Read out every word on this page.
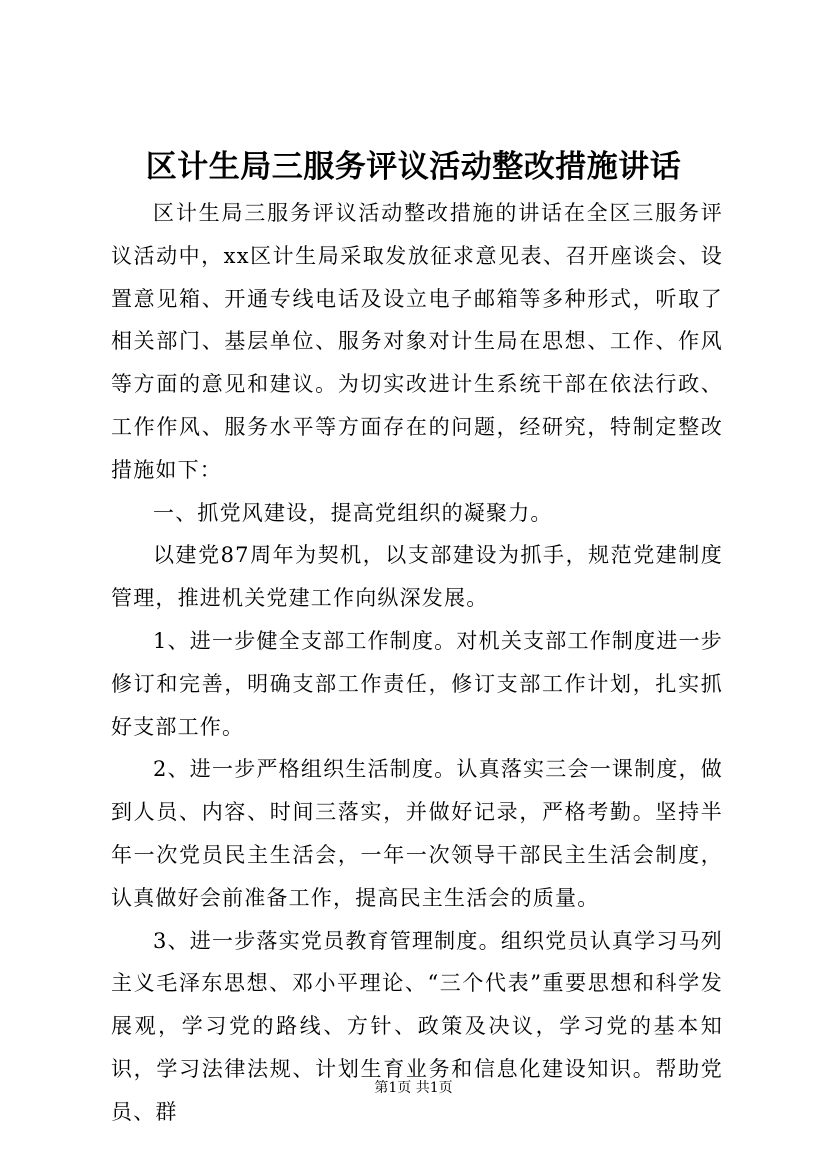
区计生局三服务评议活动整改措施讲话

区计生局三服务评议活动整改措施的讲话在全区三服务评议活动中，xx区计生局采取发放征求意见表、召开座谈会、设置意见箱、开通专线电话及设立电子邮箱等多种形式，听取了相关部门、基层单位、服务对象对计生局在思想、工作、作风等方面的意见和建议。为切实改进计生系统干部在依法行政、工作作风、服务水平等方面存在的问题，经研究，特制定整改措施如下：

一、抓党风建设，提高党组织的凝聚力。

以建党87周年为契机，以支部建设为抓手，规范党建制度管理，推进机关党建工作向纵深发展。

1、进一步健全支部工作制度。对机关支部工作制度进一步修订和完善，明确支部工作责任，修订支部工作计划，扎实抓好支部工作。

2、进一步严格组织生活制度。认真落实三会一课制度，做到人员、内容、时间三落实，并做好记录，严格考勤。坚持半年一次党员民主生活会，一年一次领导干部民主生活会制度，认真做好会前准备工作，提高民主生活会的质量。

3、进一步落实党员教育管理制度。组织党员认真学习马列主义毛泽东思想、邓小平理论、“三个代表”重要思想和科学发展观，学习党的路线、方针、政策及决议，学习党的基本知识，学习法律法规、计划生育业务和信息化建设知识。帮助党员、群

第1页 共1页
